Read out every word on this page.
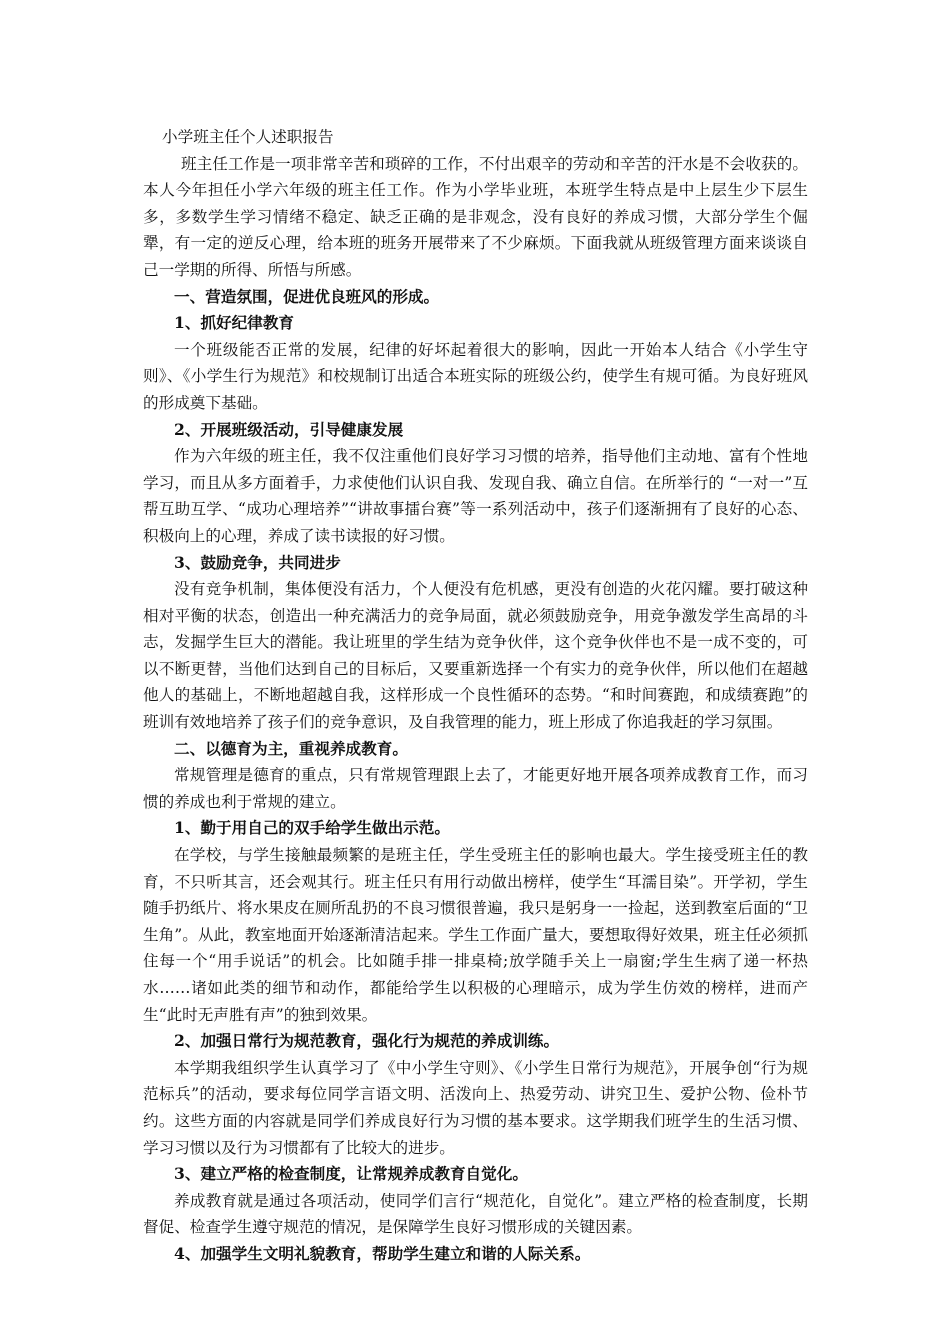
小学班主任个人述职报告

班主任工作是一项非常辛苦和琐碎的工作，不付出艰辛的劳动和辛苦的汗水是不会收获的。本人今年担任小学六年级的班主任工作。作为小学毕业班，本班学生特点是中上层生少下层生多，多数学生学习情绪不稳定、缺乏正确的是非观念，没有良好的养成习惯，大部分学生个倔犟，有一定的逆反心理，给本班的班务开展带来了不少麻烦。下面我就从班级管理方面来谈谈自己一学期的所得、所悟与所感。

一、营造氛围，促进优良班风的形成。

1、抓好纪律教育

一个班级能否正常的发展，纪律的好坏起着很大的影响，因此一开始本人结合《小学生守则》、《小学生行为规范》和校规制订出适合本班实际的班级公约，使学生有规可循。为良好班风的形成奠下基础。

2、开展班级活动，引导健康发展

作为六年级的班主任，我不仅注重他们良好学习习惯的培养，指导他们主动地、富有个性地学习，而且从多方面着手，力求使他们认识自我、发现自我、确立自信。在所举行的 “一对一”互帮互助互学、“成功心理培养”“讲故事擂台赛”等一系列活动中，孩子们逐渐拥有了良好的心态、积极向上的心理，养成了读书读报的好习惯。

3、鼓励竞争，共同进步

没有竞争机制，集体便没有活力，个人便没有危机感，更没有创造的火花闪耀。要打破这种相对平衡的状态，创造出一种充满活力的竞争局面，就必须鼓励竞争，用竞争激发学生高昂的斗志，发掘学生巨大的潜能。我让班里的学生结为竞争伙伴，这个竞争伙伴也不是一成不变的，可以不断更替，当他们达到自己的目标后，又要重新选择一个有实力的竞争伙伴，所以他们在超越他人的基础上，不断地超越自我，这样形成一个良性循环的态势。“和时间赛跑，和成绩赛跑”的班训有效地培养了孩子们的竞争意识，及自我管理的能力，班上形成了你追我赶的学习氛围。

二、以德育为主，重视养成教育。

常规管理是德育的重点，只有常规管理跟上去了，才能更好地开展各项养成教育工作，而习惯的养成也利于常规的建立。

1、勤于用自己的双手给学生做出示范。

在学校，与学生接触最频繁的是班主任，学生受班主任的影响也最大。学生接受班主任的教育，不只听其言，还会观其行。班主任只有用行动做出榜样，使学生“耳濡目染”。开学初，学生随手扔纸片、将水果皮在厕所乱扔的不良习惯很普遍，我只是躬身一一捡起，送到教室后面的“卫生角”。从此，教室地面开始逐渐清洁起来。学生工作面广量大，要想取得好效果，班主任必须抓住每一个“用手说话”的机会。比如随手排一排桌椅;放学随手关上一扇窗;学生生病了递一杯热水……诸如此类的细节和动作，都能给学生以积极的心理暗示，成为学生仿效的榜样，进而产生“此时无声胜有声”的独到效果。

2、加强日常行为规范教育，强化行为规范的养成训练。

本学期我组织学生认真学习了《中小学生守则》、《小学生日常行为规范》，开展争创“行为规范标兵”的活动，要求每位同学言语文明、活泼向上、热爱劳动、讲究卫生、爱护公物、俭朴节约。这些方面的内容就是同学们养成良好行为习惯的基本要求。这学期我们班学生的生活习惯、学习习惯以及行为习惯都有了比较大的进步。

3、建立严格的检查制度，让常规养成教育自觉化。

养成教育就是通过各项活动，使同学们言行“规范化，自觉化”。建立严格的检查制度，长期督促、检查学生遵守规范的情况，是保障学生良好习惯形成的关键因素。

4、加强学生文明礼貌教育，帮助学生建立和谐的人际关系。
